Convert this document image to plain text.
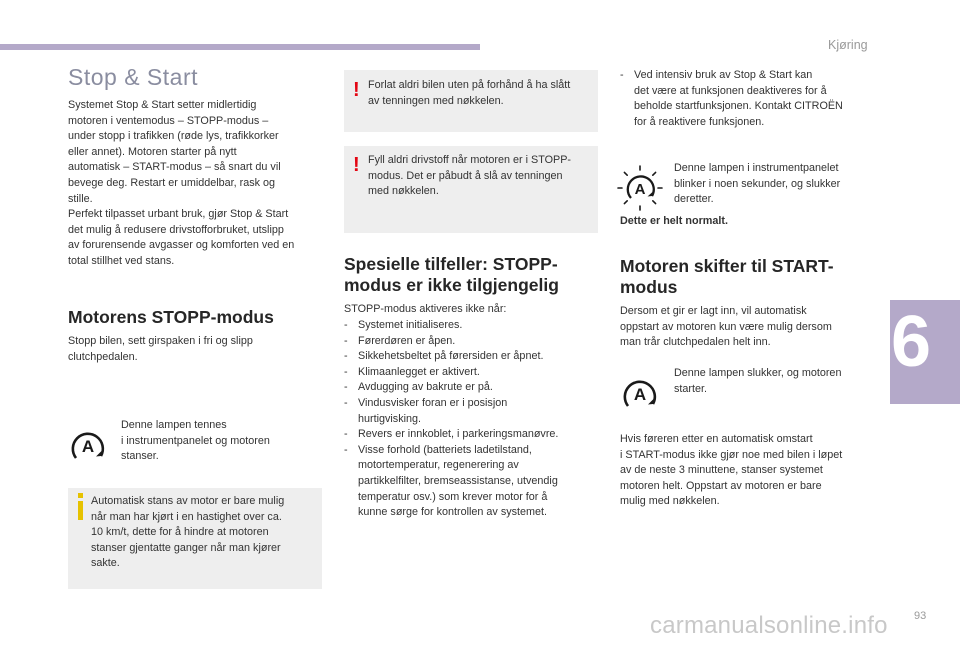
Kjøring
6
Stop & Start
Systemet Stop & Start setter midlertidig
motoren i ventemodus – STOPP-modus –
under stopp i trafikken (røde lys, trafikkorker
eller annet). Motoren starter på nytt
automatisk – START-modus – så snart du vil
bevege deg. Restart er umiddelbar, rask og
stille.
Perfekt tilpasset urbant bruk, gjør Stop & Start
det mulig å redusere drivstofforbruket, utslipp
av forurensende avgasser og komforten ved en
total stillhet ved stans.
Motorens STOPP-modus
Stopp bilen, sett girspaken i fri og slipp
clutchpedalen.
A
Denne lampen tennes
i instrumentpanelet og motoren
stanser.
Automatisk stans av motor er bare mulig
når man har kjørt i en hastighet over ca.
10 km/t, dette for å hindre at motoren
stanser gjentatte ganger når man kjører
sakte.
! Forlat aldri bilen uten på forhånd å ha slått
av tenningen med nøkkelen.
! Fyll aldri drivstoff når motoren er i STOPP-
modus. Det er påbudt å slå av tenningen
med nøkkelen.
Spesielle tilfeller: STOPP-
modus er ikke tilgjengelig
STOPP-modus aktiveres ikke når:
- Systemet initialiseres.
- Førerdøren er åpen.
- Sikkehetsbeltet på førersiden er åpnet.
- Klimaanlegget er aktivert.
- Avdugging av bakrute er på.
- Vindusvisker foran er i posisjon
hurtigvisking.
- Revers er innkoblet, i parkeringsmanøvre.
- Visse forhold (batteriets ladetilstand,
motortemperatur, regenerering av
partikkelfilter, bremseassistanse, utvendig
temperatur osv.) som krever motor for å
kunne sørge for kontrollen av systemet.
- Ved intensiv bruk av Stop & Start kan
det være at funksjonen deaktiveres for å
beholde startfunksjonen. Kontakt CITROËN
for å reaktivere funksjonen.
A
Denne lampen i instrumentpanelet
blinker i noen sekunder, og slukker
deretter.
Dette er helt normalt.
Motoren skifter til START-
modus
Dersom et gir er lagt inn, vil automatisk
oppstart av motoren kun være mulig dersom
man trår clutchpedalen helt inn.
A
Denne lampen slukker, og motoren
starter.
Hvis føreren etter en automatisk omstart
i START-modus ikke gjør noe med bilen i løpet
av de neste 3 minuttene, stanser systemet
motoren helt. Oppstart av motoren er bare
mulig med nøkkelen.
93
carmanualsonline.info
